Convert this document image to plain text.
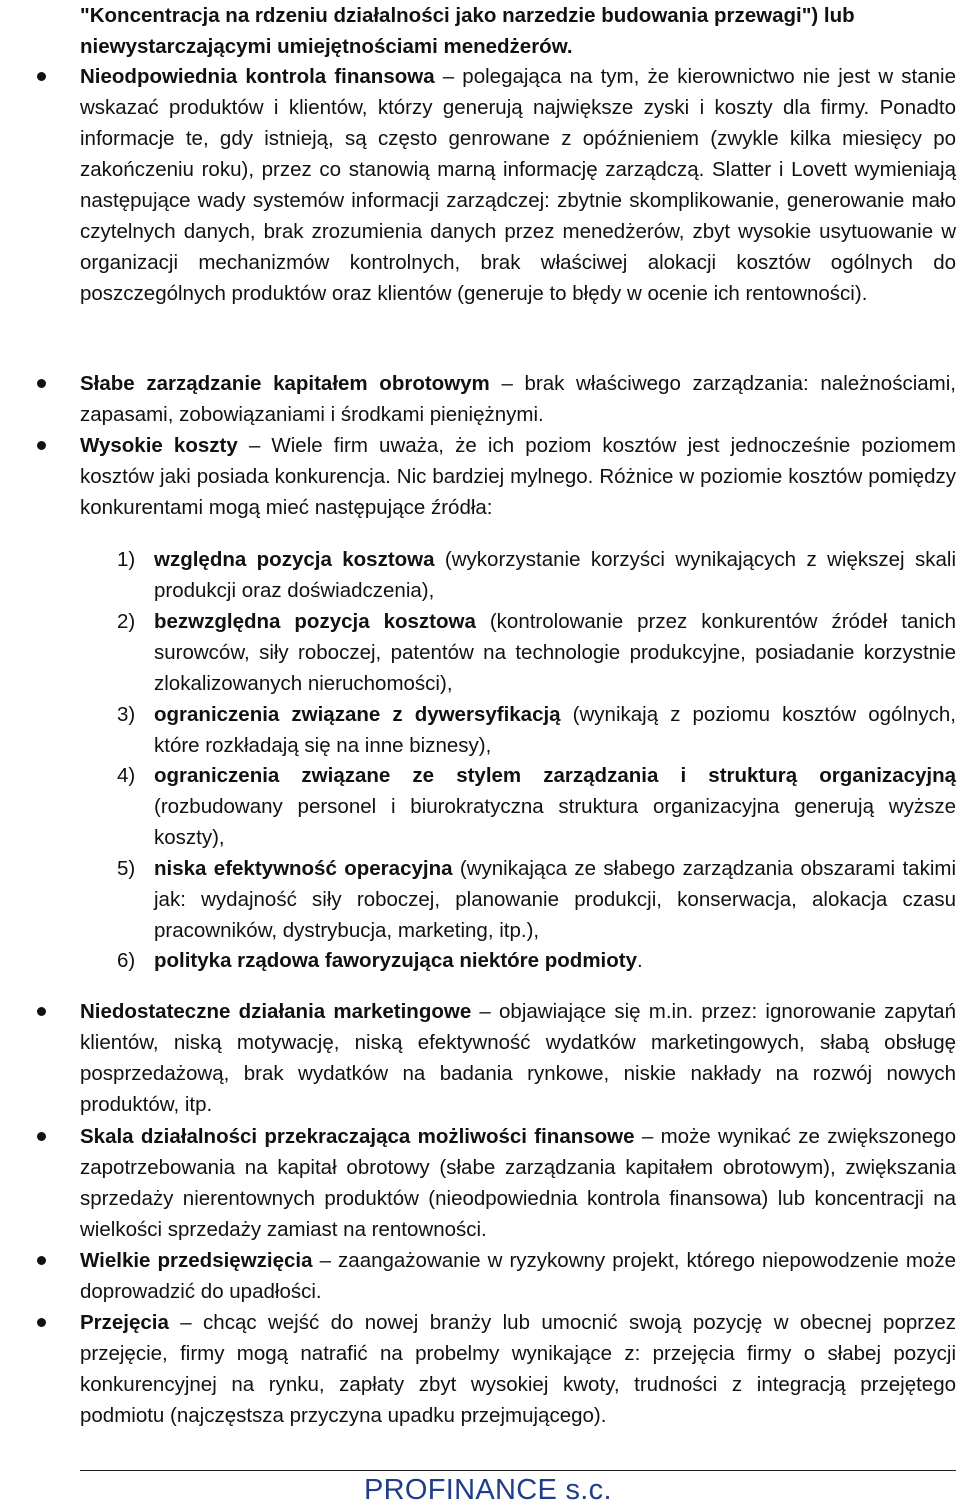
"Koncentracja na rdzeniu działalności jako narzedzie budowania przewagi") lub
niewystarczającymi umiejętnościami menedżerów.
Nieodpowiednia kontrola finansowa – polegająca na tym, że kierownictwo nie jest w stanie wskazać produktów i klientów, którzy generują największe zyski i koszty dla firmy. Ponadto informacje te, gdy istnieją, są często genrowane z opóźnieniem (zwykle kilka miesięcy po zakończeniu roku), przez co stanowią marną informację zarządczą. Slatter i Lovett wymieniają następujące wady systemów informacji zarządczej: zbytnie skomplikowanie, generowanie mało czytelnych danych, brak zrozumienia danych przez menedżerów, zbyt wysokie usytuowanie w organizacji mechanizmów kontrolnych, brak właściwej alokacji kosztów ogólnych do poszczególnych produktów oraz klientów (generuje to błędy w ocenie ich rentowności).
Słabe zarządzanie kapitałem obrotowym – brak właściwego zarządzania: należnościami, zapasami, zobowiązaniami i środkami pieniężnymi.
Wysokie koszty – Wiele firm uważa, że ich poziom kosztów jest jednocześnie poziomem kosztów jaki posiada konkurencja. Nic bardziej mylnego. Różnice w poziomie kosztów pomiędzy konkurentami mogą mieć następujące źródła:
1) względna pozycja kosztowa (wykorzystanie korzyści wynikających z większej skali produkcji oraz doświadczenia),
2) bezwzględna pozycja kosztowa (kontrolowanie przez konkurentów źródeł tanich surowców, siły roboczej, patentów na technologie produkcyjne, posiadanie korzystnie zlokalizowanych nieruchomości),
3) ograniczenia związane z dywersyfikacją (wynikają z poziomu kosztów ogólnych, które rozkładają się na inne biznesy),
4) ograniczenia związane ze stylem zarządzania i strukturą organizacyjną (rozbudowany personel i biurokratyczna struktura organizacyjna generują wyższe koszty),
5) niska efektywność operacyjna (wynikająca ze słabego zarządzania obszarami takimi jak: wydajność siły roboczej, planowanie produkcji, konserwacja, alokacja czasu pracowników, dystrybucja, marketing, itp.),
6) polityka rządowa faworyzująca niektóre podmioty.
Niedostateczne działania marketingowe – objawiające się m.in. przez: ignorowanie zapytań klientów, niską motywację, niską efektywność wydatków marketingowych, słabą obsługę posprzedażową, brak wydatków na badania rynkowe, niskie nakłady na rozwój nowych produktów, itp.
Skala działalności przekraczająca możliwości finansowe – może wynikać ze zwiększonego zapotrzebowania na kapitał obrotowy (słabe zarządzania kapitałem obrotowym), zwiększania sprzedaży nierentownych produktów (nieodpowiednia kontrola finansowa) lub koncentracji na wielkości sprzedaży zamiast na rentowności.
Wielkie przedsięwzięcia – zaangażowanie w ryzykowny projekt, którego niepowodzenie może doprowadzić do upadłości.
Przejęcia – chcąc wejść do nowej branży lub umocnić swoją pozycję w obecnej poprzez przejęcie, firmy mogą natrafić na probelmy wynikające z: przejęcia firmy o słabej pozycji konkurencyjnej na rynku, zapłaty zbyt wysokiej kwoty, trudności z integracją przejętego podmiotu (najczęstsza przyczyna upadku przejmującego).
PROFINANCE s.c.
